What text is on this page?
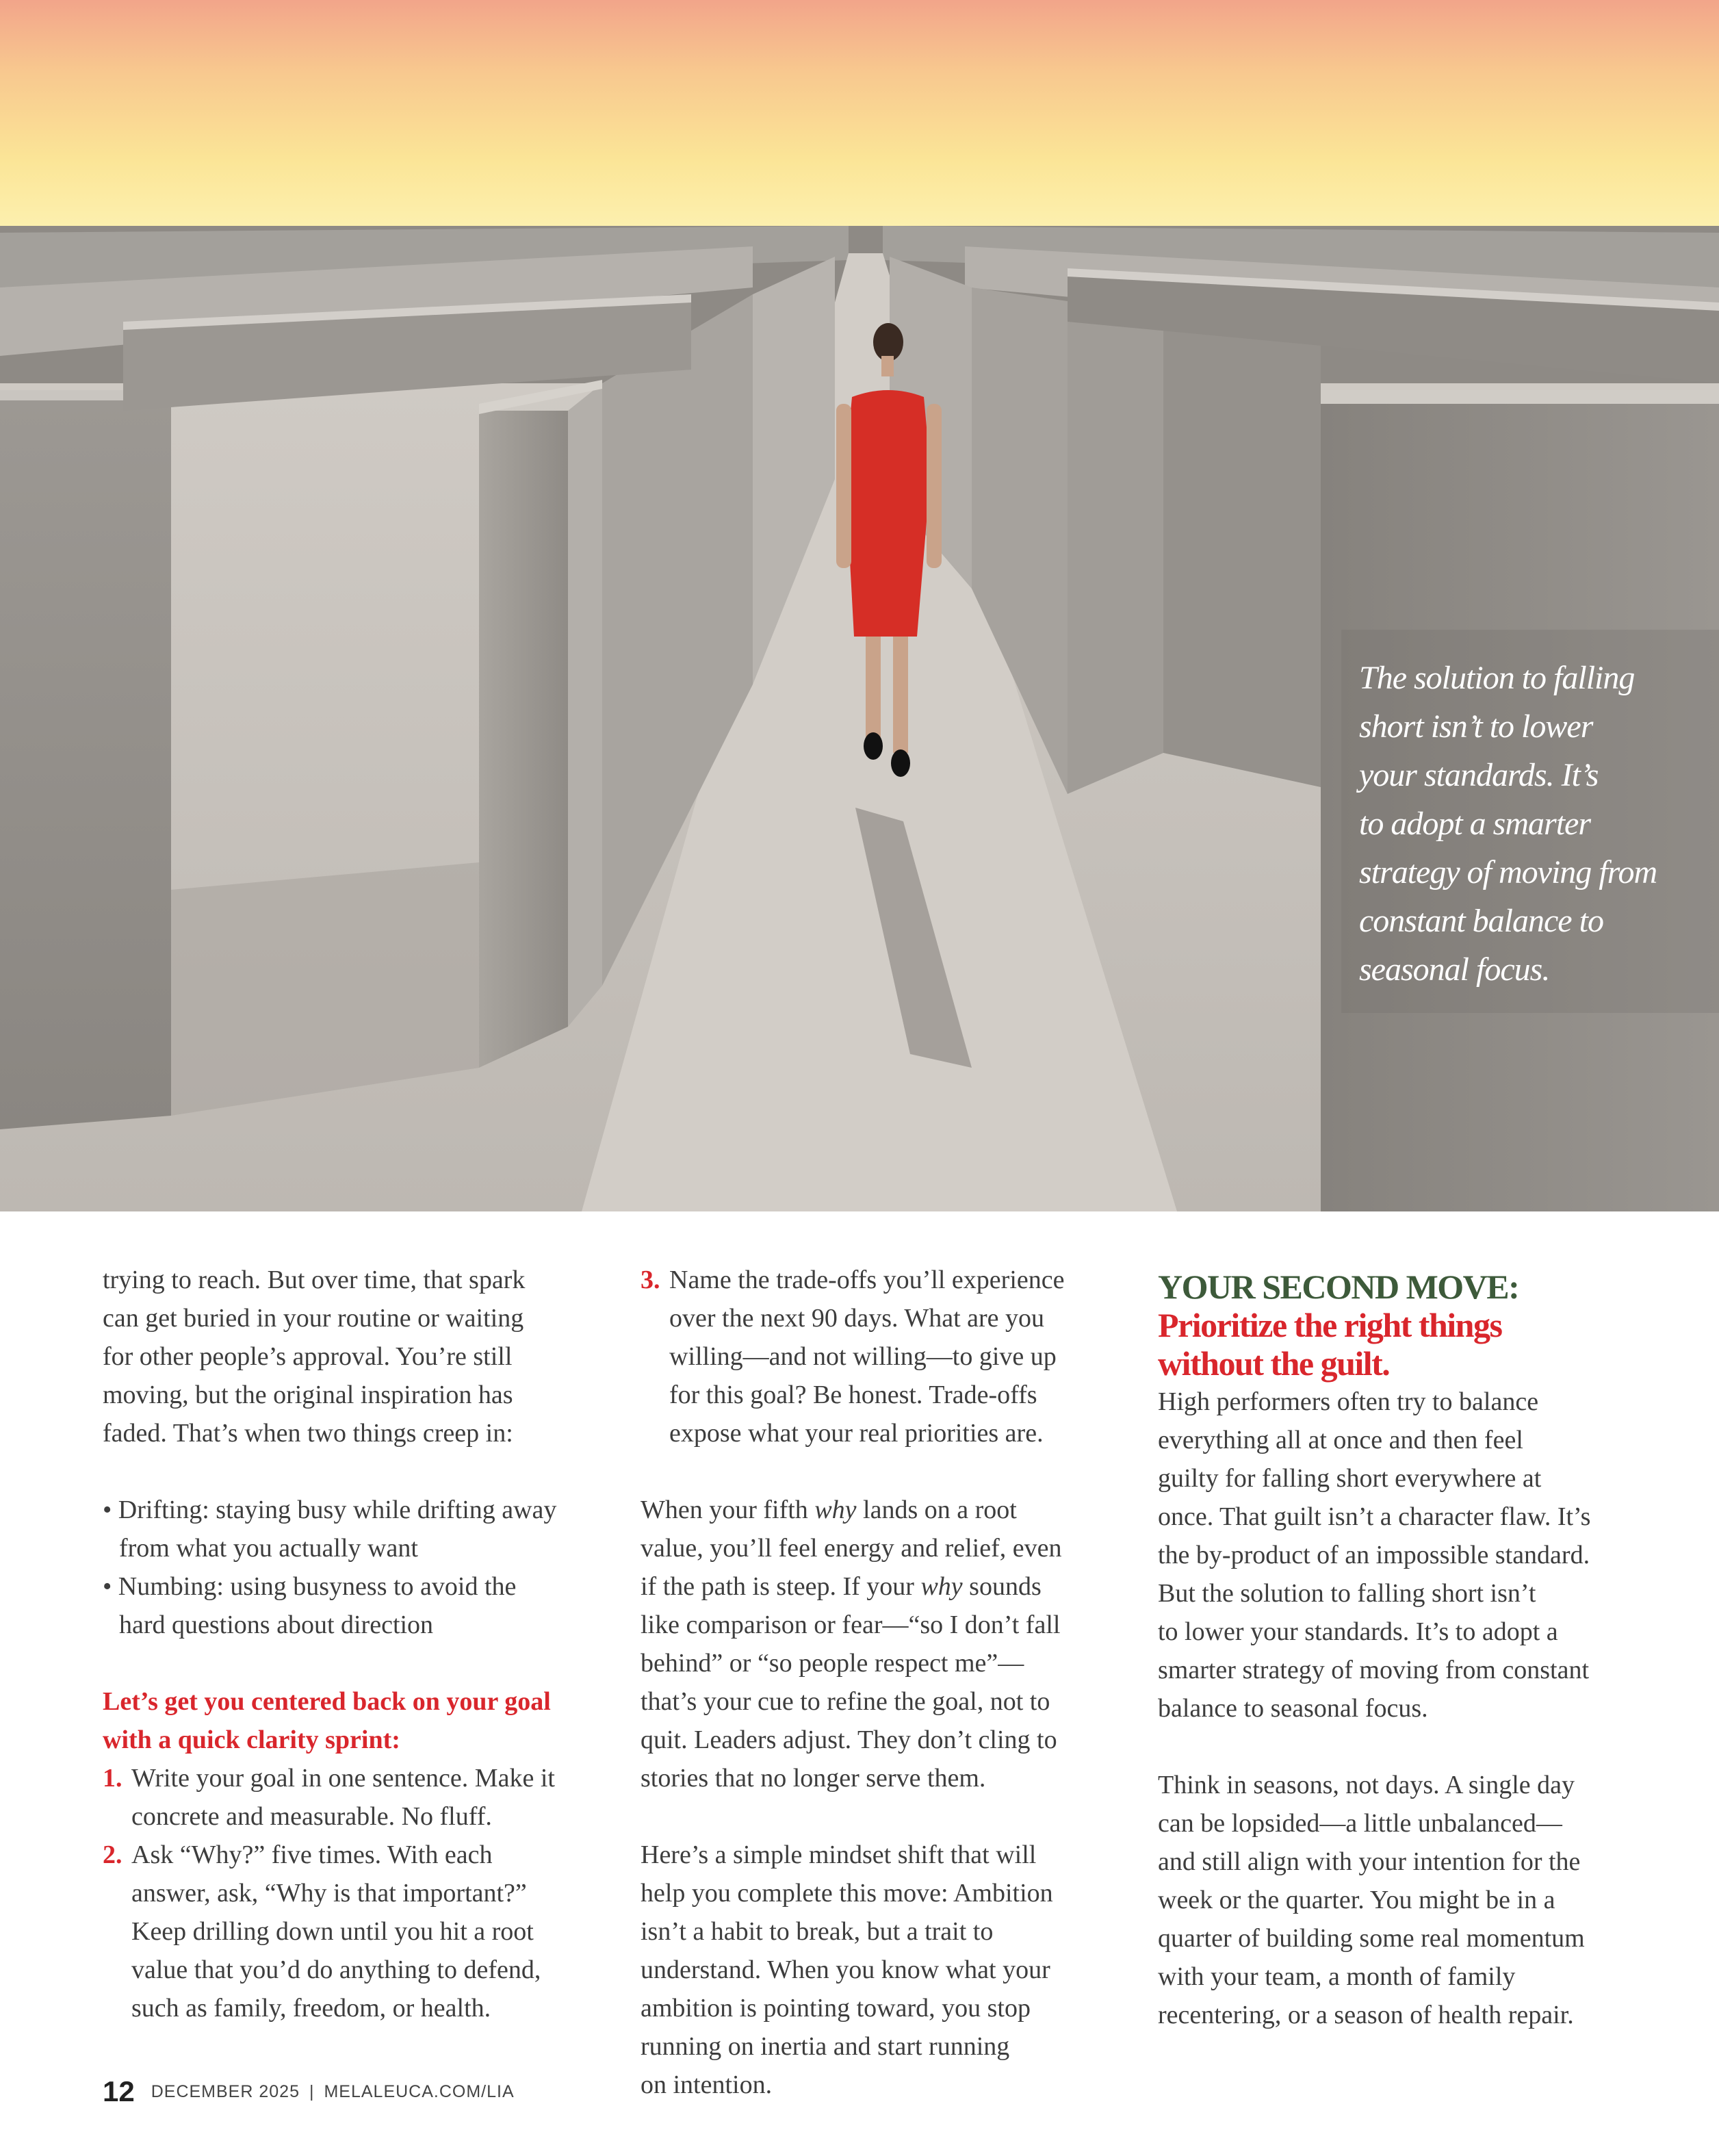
The solution to falling
short isn’t to lower
your standards. It’s
to adopt a smarter
strategy of moving from
constant balance to
seasonal focus.
trying to reach. But over time, that spark
can get buried in your routine or waiting
for other people’s approval. You’re still
moving, but the original inspiration has
faded. That’s when two things creep in:
• Drifting: staying busy while drifting away
from what you actually want
• Numbing: using busyness to avoid the
hard questions about direction
Let’s get you centered back on your goal
with a quick clarity sprint:
1. Write your goal in one sentence. Make it
concrete and measurable. No fluff.
2. Ask “Why?” five times. With each
answer, ask, “Why is that important?”
Keep drilling down until you hit a root
value that you’d do anything to defend,
such as family, freedom, or health.
3. Name the trade-offs you’ll experience
over the next 90 days. What are you
willing—and not willing—to give up
for this goal? Be honest. Trade-offs
expose what your real priorities are.
When your fifth why lands on a root
value, you’ll feel energy and relief, even
if the path is steep. If your why sounds
like comparison or fear—“so I don’t fall
behind” or “so people respect me”—
that’s your cue to refine the goal, not to
quit. Leaders adjust. They don’t cling to
stories that no longer serve them.
Here’s a simple mindset shift that will
help you complete this move: Ambition
isn’t a habit to break, but a trait to
understand. When you know what your
ambition is pointing toward, you stop
running on inertia and start running
on intention.
YOUR SECOND MOVE:
Prioritize the right things
without the guilt.
High performers often try to balance
everything all at once and then feel
guilty for falling short everywhere at
once. That guilt isn’t a character flaw. It’s
the by-product of an impossible standard.
But the solution to falling short isn’t
to lower your standards. It’s to adopt a
smarter strategy of moving from constant
balance to seasonal focus.
Think in seasons, not days. A single day
can be lopsided—a little unbalanced—
and still align with your intention for the
week or the quarter. You might be in a
quarter of building some real momentum
with your team, a month of family
recentering, or a season of health repair.
12 DECEMBER 2025 | MELALEUCA.COM/LIA
